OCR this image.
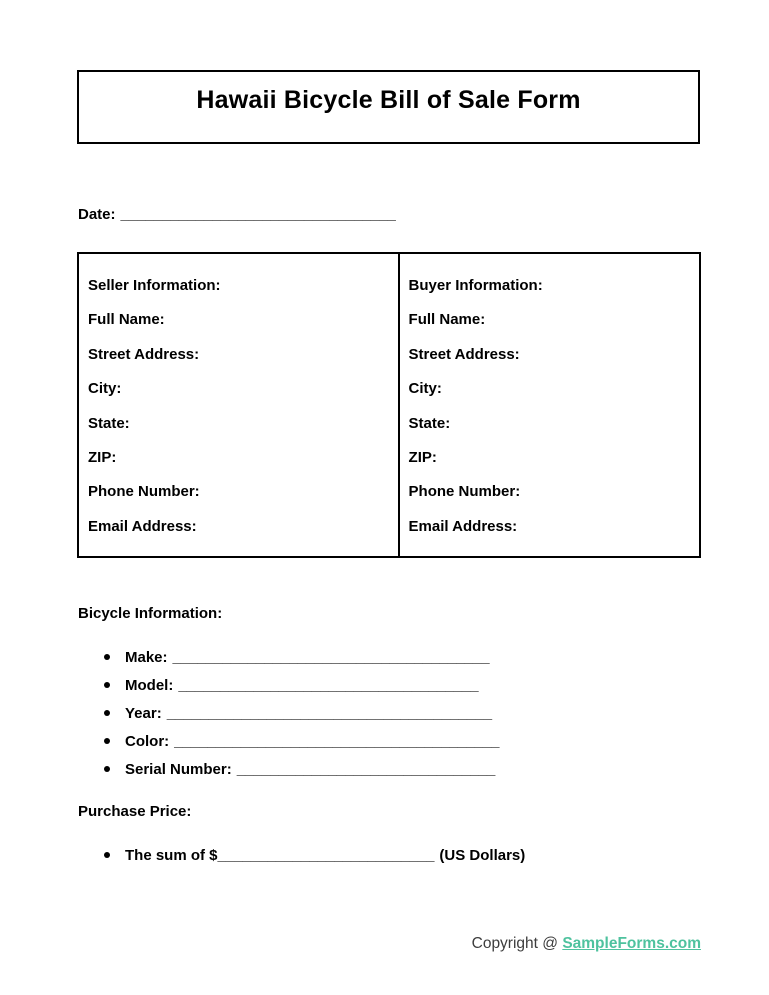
Hawaii Bicycle Bill of Sale Form
Date: _________________________________
Seller Information:
Full Name:
Street Address:
City:
State:
ZIP:
Phone Number:
Email Address:
Buyer Information:
Full Name:
Street Address:
City:
State:
ZIP:
Phone Number:
Email Address:
Bicycle Information:
Make: ______________________________________
Model: ____________________________________
Year: _______________________________________
Color: _______________________________________
Serial Number: _______________________________
Purchase Price:
The sum of $ __________________________ (US Dollars)
Copyright @ SampleForms.com
